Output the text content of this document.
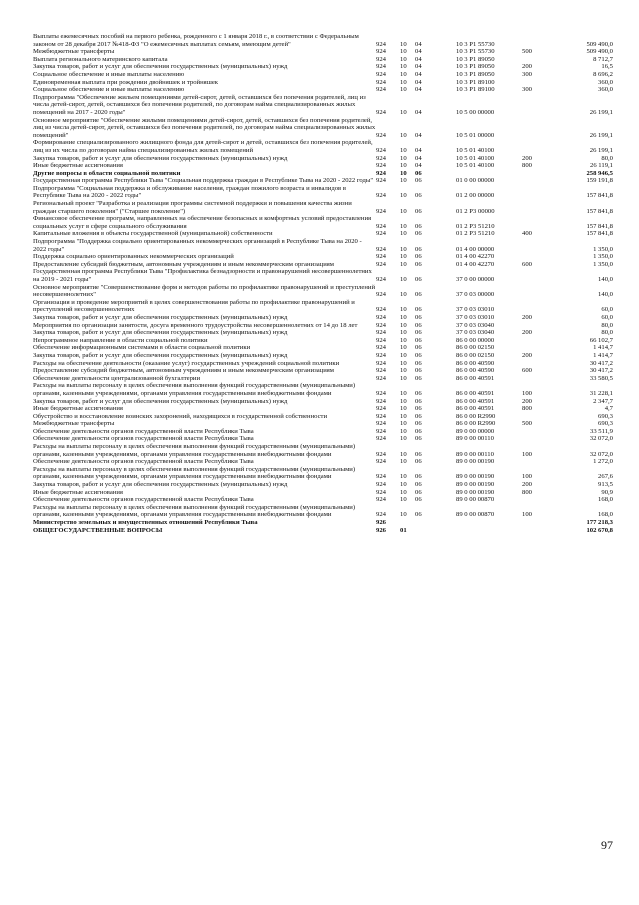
Выплаты ежемесячных пособий на первого ребенка, рожденного с 1 января 2018 г., в соответствии с Федеральным законом от 28 декабря 2017 №418-ФЗ "О ежемесячных выплатах семьям, имеющим детей"	924	10	04	10 3 P1 55730		509 490,0
Межбюджетные трансферты	924	10	04	10 3 P1 55730	500	509 490,0
Выплата регионального материнского капитала	924	10	04	10 3 P1 89050		8 712,7
Закупка товаров, работ и услуг для обеспечения государственных (муниципальных) нужд	924	10	04	10 3 P1 89050	200	16,5
Социальное обеспечение и иные выплаты населению	924	10	04	10 3 P1 89050	300	8 696,2
Единовременная выплата при рождении двойняшек и тройняшек	924	10	04	10 3 P1 89100		360,0
Социальное обеспечение и иные выплаты населению	924	10	04	10 3 P1 89100	300	360,0
Подпрограмма "Обеспечение жильем помещениями детей-сирот, детей, оставшихся без попечения родителей, лиц из числа детей-сирот, детей, оставшихся без попечения родителей, по договорам найма специализированных жилых помещений на 2017 - 2020 годы"	924	10	04	10 5 00 00000		26 199,1
Основное мероприятие "Обеспечение жилыми помещениями детей-сирот, детей, оставшихся без попечения родителей, лиц из числа детей-сирот, детей, оставшихся без попечения родителей, по договорам найма специализированных жилых помещений"	924	10	04	10 5 01 00000		26 199,1
Формирование специализированного жилищного фонда для детей-сирот и детей, оставшихся без попечения родителей, лиц из их числа по договорам найма специализированных жилых помещений	924	10	04	10 5 01 40100		26 199,1
Закупка товаров, работ и услуг для обеспечения государственных (муниципальных) нужд	924	10	04	10 5 01 40100	200	80,0
Иные бюджетные ассигнования	924	10	04	10 5 01 40100	800	26 119,1
Другие вопросы в области социальной политики	924	10	06			258 946,5
Государственная программа Республики Тыва "Социальная поддержка граждан в Республике Тыва на 2020 - 2022 годы"	924	10	06	01 0 00 00000		159 191,8
Подпрограмма "Социальная поддержка и обслуживание населения, граждан пожилого возраста и инвалидов в Республике Тыва на 2020 - 2022 годы"	924	10	06	01 2 00 00000		157 841,8
Региональный проект "Разработка и реализация программы системной поддержки и повышения качества жизни граждан старшего поколения" ("Старшее поколение")	924	10	06	01 2 P3 00000		157 841,8
Финансовое обеспечение программ, направленных на обеспечение безопасных и комфортных условий предоставления социальных услуг в сфере социального обслуживания	924	10	06	01 2 P3 51210		157 841,8
Капитальные вложения в объекты государственной (муниципальной) собственности	924	10	06	01 2 P3 51210	400	157 841,8
Подпрограмма "Поддержка социально ориентированных некоммерческих организаций в Республике Тыва на 2020 - 2022 годы"	924	10	06	01 4 00 00000		1 350,0
Поддержка социально ориентированных некоммерческих организаций	924	10	06	01 4 00 42270		1 350,0
Предоставление субсидий бюджетным, автономным учреждениям и иным некоммерческим организациям	924	10	06	01 4 00 42270	600	1 350,0
Государственная программа Республики Тыва "Профилактика безнадзорности и правонарушений несовершеннолетних на 2019 - 2021 годы"	924	10	06	37 0 00 00000		140,0
Основное мероприятие "Совершенствование форм и методов работы по профилактике правонарушений и преступлений несовершеннолетних"	924	10	06	37 0 03 00000		140,0
Организация и проведение мероприятий в целях совершенствования работы по профилактике правонарушений и преступлений несовершеннолетних	924	10	06	37 0 03 03010		60,0
Закупка товаров, работ и услуг для обеспечения государственных (муниципальных) нужд	924	10	06	37 0 03 03010	200	60,0
Мероприятия по организации занятости, досуга временного трудоустройства несовершеннолетних от 14 до 18 лет	924	10	06	37 0 03 03040		80,0
Закупка товаров, работ и услуг для обеспечения государственных (муниципальных) нужд	924	10	06	37 0 03 03040	200	80,0
Непрограммное направление в области социальной политики	924	10	06	86 0 00 00000		66 102,7
Обеспечение информационными системами в области социальной политики	924	10	06	86 0 00 02150		1 414,7
Закупка товаров, работ и услуг для обеспечения государственных (муниципальных) нужд	924	10	06	86 0 00 02150	200	1 414,7
Расходы на обеспечение деятельности (оказание услуг) государственных учреждений социальной политики	924	10	06	86 0 00 40590		30 417,2
Предоставление субсидий бюджетным, автономным учреждениям и иным некоммерческим организациям	924	10	06	86 0 00 40590	600	30 417,2
Обеспечение деятельности централизованной бухгалтерии	924	10	06	86 0 00 40591		33 580,5
Расходы на выплаты персоналу в целях обеспечения выполнения функций государственными (муниципальными) органами, казенными учреждениями, органами управления государственными внебюджетными фондами	924	10	06	86 0 00 40591	100	31 228,1
Закупка товаров, работ и услуг для обеспечения государственных (муниципальных) нужд	924	10	06	86 0 00 40591	200	2 347,7
Иные бюджетные ассигнования	924	10	06	86 0 00 40591	800	4,7
Обустройство и восстановление воинских захоронений, находящихся в государственной собственности	924	10	06	86 0 00 R2990		690,3
Межбюджетные трансферты	924	10	06	86 0 00 R2990	500	690,3
Обеспечение деятельности органов государственной власти Республики Тыва	924	10	06	89 0 00 00000		33 511,9
Обеспечение деятельности органов государственной власти Республики Тыва	924	10	06	89 0 00 00110		32 072,0
Расходы на выплаты персоналу в целях обеспечения выполнения функций государственными (муниципальными) органами, казенными учреждениями, органами управления государственными внебюджетными фондами	924	10	06	89 0 00 00110	100	32 072,0
Обеспечение деятельности органов государственной власти Республики Тыва	924	10	06	89 0 00 00190		1 272,0
Расходы на выплаты персоналу в целях обеспечения выполнения функций государственными (муниципальными) органами, казенными учреждениями, органами управления государственными внебюджетными фондами	924	10	06	89 0 00 00190	100	267,6
Закупка товаров, работ и услуг для обеспечения государственных (муниципальных) нужд	924	10	06	89 0 00 00190	200	913,5
Иные бюджетные ассигнования	924	10	06	89 0 00 00190	800	90,9
Обеспечение деятельности органов государственной власти Республики Тыва	924	10	06	89 0 00 00870		168,0
Расходы на выплаты персоналу в целях обеспечения выполнения функций государственными (муниципальными) органами, казенными учреждениями, органами управления государственными внебюджетными фондами	924	10	06	89 0 00 00870	100	168,0
Министерство земельных и имущественных отношений Республики Тыва	926					177 218,3
ОБЩЕГОСУДАРСТВЕННЫЕ ВОПРОСЫ	926	01				102 670,8
97
